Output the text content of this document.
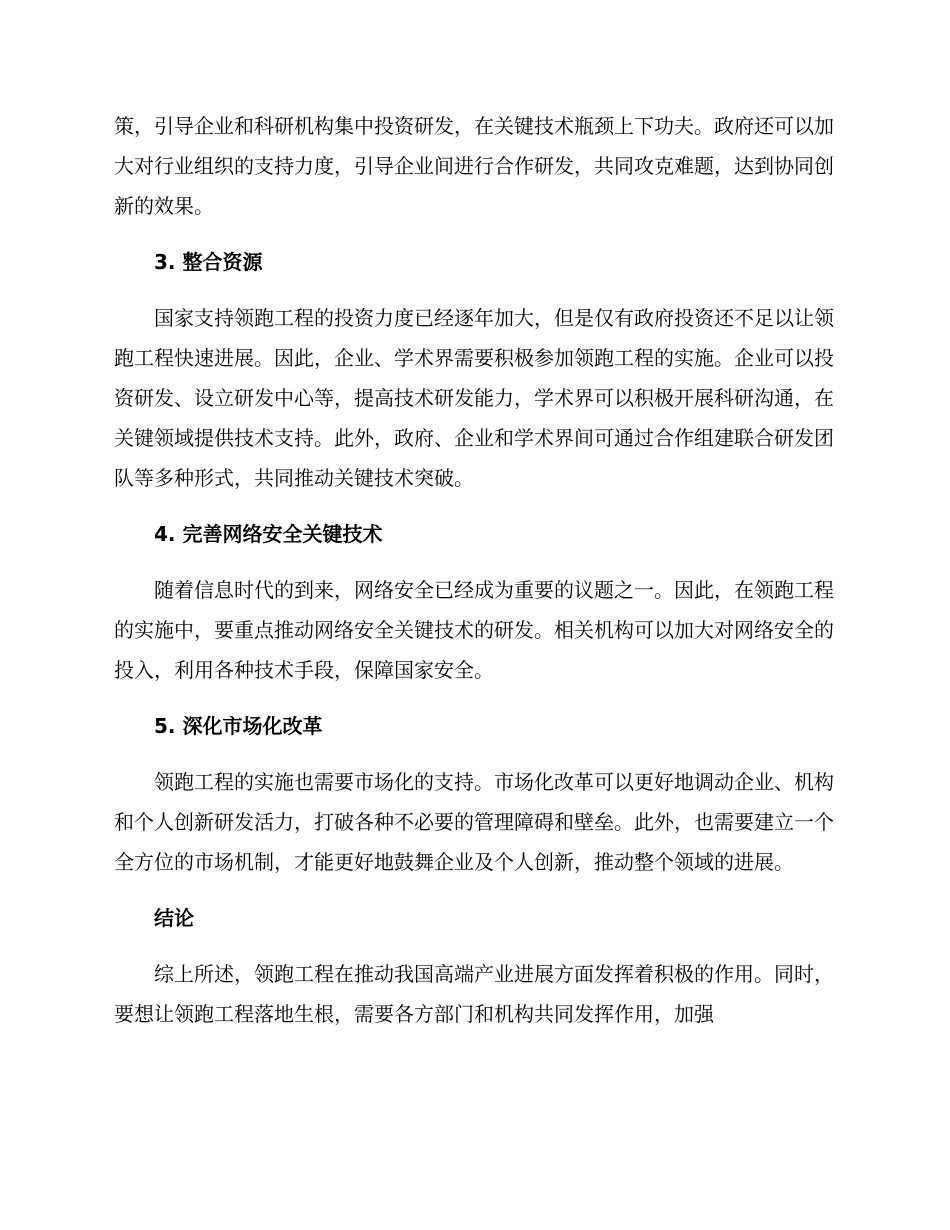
策，引导企业和科研机构集中投资研发，在关键技术瓶颈上下功夫。政府还可以加大对行业组织的支持力度，引导企业间进行合作研发，共同攻克难题，达到协同创新的效果。

3. 整合资源

国家支持领跑工程的投资力度已经逐年加大，但是仅有政府投资还不足以让领跑工程快速进展。因此，企业、学术界需要积极参加领跑工程的实施。企业可以投资研发、设立研发中心等，提高技术研发能力，学术界可以积极开展科研沟通，在关键领域提供技术支持。此外，政府、企业和学术界间可通过合作组建联合研发团队等多种形式，共同推动关键技术突破。

4. 完善网络安全关键技术

随着信息时代的到来，网络安全已经成为重要的议题之一。因此，在领跑工程的实施中，要重点推动网络安全关键技术的研发。相关机构可以加大对网络安全的投入，利用各种技术手段，保障国家安全。

5. 深化市场化改革

领跑工程的实施也需要市场化的支持。市场化改革可以更好地调动企业、机构和个人创新研发活力，打破各种不必要的管理障碍和壁垒。此外，也需要建立一个全方位的市场机制，才能更好地鼓舞企业及个人创新，推动整个领域的进展。

结论

综上所述，领跑工程在推动我国高端产业进展方面发挥着积极的作用。同时，要想让领跑工程落地生根，需要各方部门和机构共同发挥作用，加强
